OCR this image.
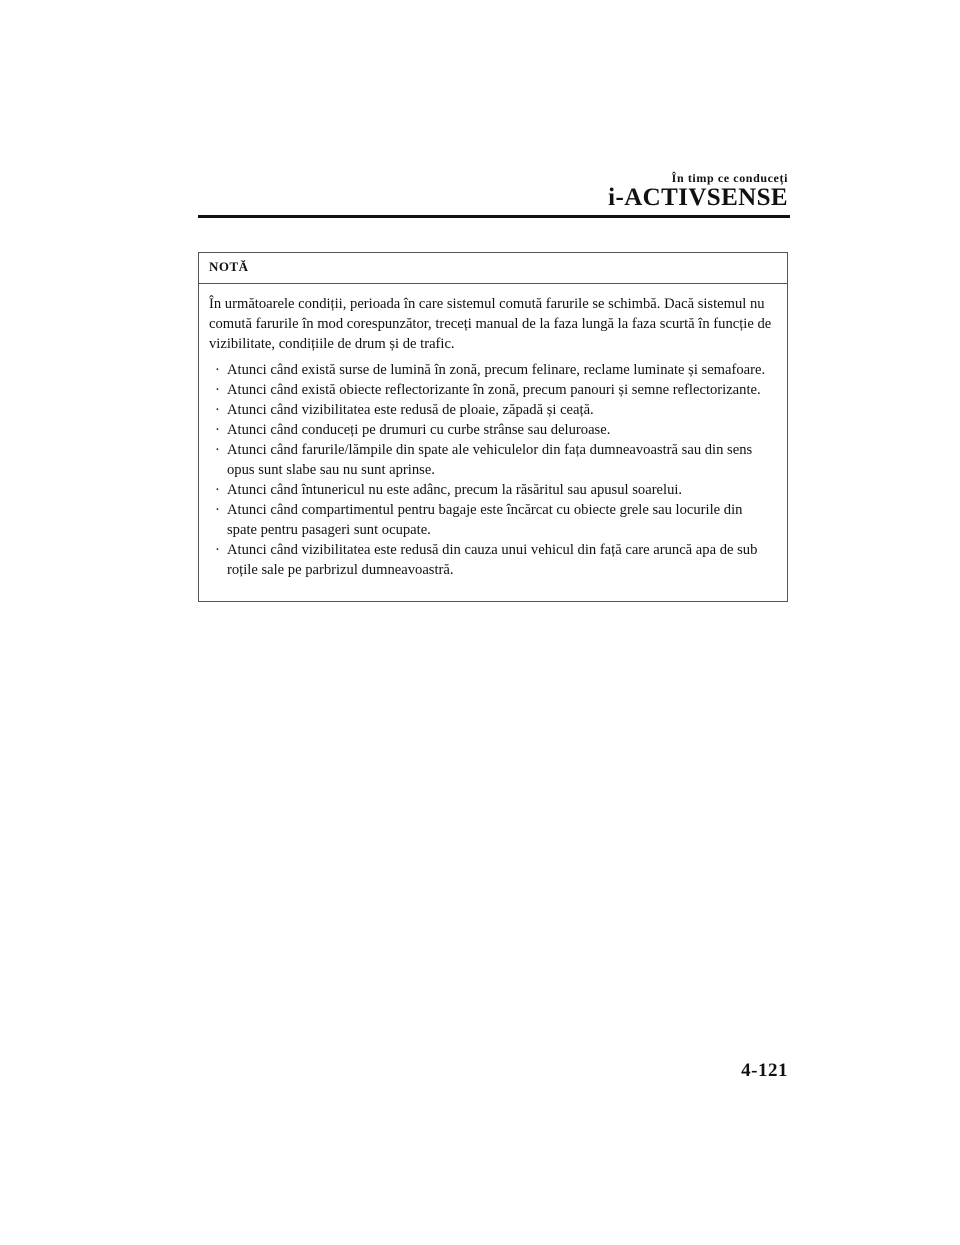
În timp ce conduceți
i-ACTIVSENSE
NOTĂ

În următoarele condiții, perioada în care sistemul comută farurile se schimbă. Dacă sistemul nu comută farurile în mod corespunzător, treceți manual de la faza lungă la faza scurtă în funcție de vizibilitate, condițiile de drum și de trafic.

· Atunci când există surse de lumină în zonă, precum felinare, reclame luminate și semafoare.
· Atunci când există obiecte reflectorizante în zonă, precum panouri și semne reflectorizante.
· Atunci când vizibilitatea este redusă de ploaie, zăpadă și ceață.
· Atunci când conduceți pe drumuri cu curbe strânse sau deluroase.
· Atunci când farurile/lămpile din spate ale vehiculelor din fața dumneavoastră sau din sens opus sunt slabe sau nu sunt aprinse.
· Atunci când întunericul nu este adânc, precum la răsăritul sau apusul soarelui.
· Atunci când compartimentul pentru bagaje este încărcat cu obiecte grele sau locurile din spate pentru pasageri sunt ocupate.
· Atunci când vizibilitatea este redusă din cauza unui vehicul din față care aruncă apa de sub roțile sale pe parbrizul dumneavoastră.
4-121
